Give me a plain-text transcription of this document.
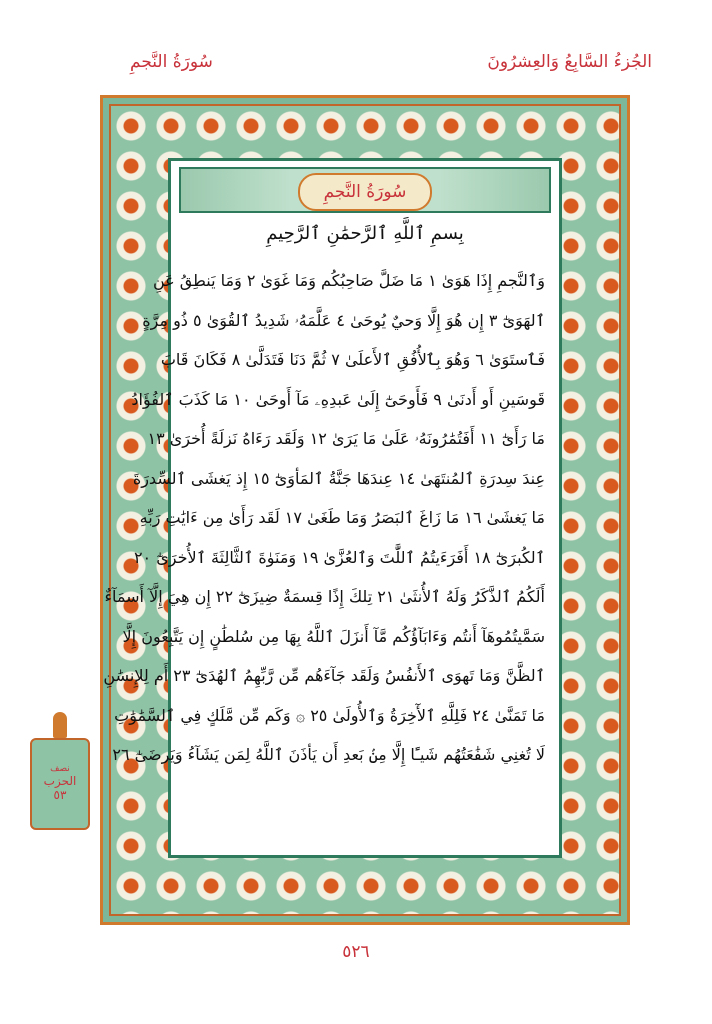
الجُزءُ السَّابِعُ وَالعِشرُونَ
سُورَةُ النَّجمِ
سُورَةُ النَّجمِ
بِسمِ ٱللَّهِ ٱلرَّحمَٰنِ ٱلرَّحِيمِ
وَٱلنَّجمِ إِذَا هَوَىٰ ١ مَا ضَلَّ صَاحِبُكُم وَمَا غَوَىٰ ٢ وَمَا يَنطِقُ عَنِ
ٱلهَوَىٰٓ ٣ إِن هُوَ إِلَّا وَحيٌ يُوحَىٰ ٤ عَلَّمَهُۥ شَدِيدُ ٱلقُوَىٰ ٥ ذُو مِرَّةٍ
فَٱستَوَىٰ ٦ وَهُوَ بِٱلأُفُقِ ٱلأَعلَىٰ ٧ ثُمَّ دَنَا فَتَدَلَّىٰ ٨ فَكَانَ قَابَ
قَوسَينِ أَو أَدنَىٰ ٩ فَأَوحَىٰٓ إِلَىٰ عَبدِهِۦ مَآ أَوحَىٰ ١٠ مَا كَذَبَ ٱلفُؤَادُ
مَا رَأَىٰٓ ١١ أَفَتُمَٰرُونَهُۥ عَلَىٰ مَا يَرَىٰ ١٢ وَلَقَد رَءَاهُ نَزلَةً أُخرَىٰ ١٣
عِندَ سِدرَةِ ٱلمُنتَهَىٰ ١٤ عِندَهَا جَنَّةُ ٱلمَأوَىٰٓ ١٥ إِذ يَغشَى ٱلسِّدرَةَ
مَا يَغشَىٰ ١٦ مَا زَاغَ ٱلبَصَرُ وَمَا طَغَىٰ ١٧ لَقَد رَأَىٰ مِن ءَايَٰتِ رَبِّهِ
ٱلكُبرَىٰٓ ١٨ أَفَرَءَيتُمُ ٱللَّٰتَ وَٱلعُزَّىٰ ١٩ وَمَنَوٰةَ ٱلثَّالِثَةَ ٱلأُخرَىٰٓ ٢٠
أَلَكُمُ ٱلذَّكَرُ وَلَهُ ٱلأُنثَىٰ ٢١ تِلكَ إِذًا قِسمَةٌ ضِيزَىٰٓ ٢٢ إِن هِيَ إِلَّآ أَسمَآءٌ
سَمَّيتُمُوهَآ أَنتُم وَءَابَآؤُكُم مَّآ أَنزَلَ ٱللَّهُ بِهَا مِن سُلطَٰنٍ إِن يَتَّبِعُونَ إِلَّا
ٱلظَّنَّ وَمَا تَهوَى ٱلأَنفُسُ وَلَقَد جَآءَهُم مِّن رَّبِّهِمُ ٱلهُدَىٰٓ ٢٣ أَم لِلإِنسَٰنِ
مَا تَمَنَّىٰ ٢٤ فَلِلَّهِ ٱلأٓخِرَةُ وَٱلأُولَىٰ ٢٥ ۞ وَكَم مِّن مَّلَكٍ فِي ٱلسَّمَٰوَٰتِ
لَا تُغنِي شَفَٰعَتُهُم شَيـًٔا إِلَّا مِنۢ بَعدِ أَن يَأذَنَ ٱللَّهُ لِمَن يَشَآءُ وَيَرضَىٰٓ ٢٦
نصف
الحزب
٥٣
٥٢٦
